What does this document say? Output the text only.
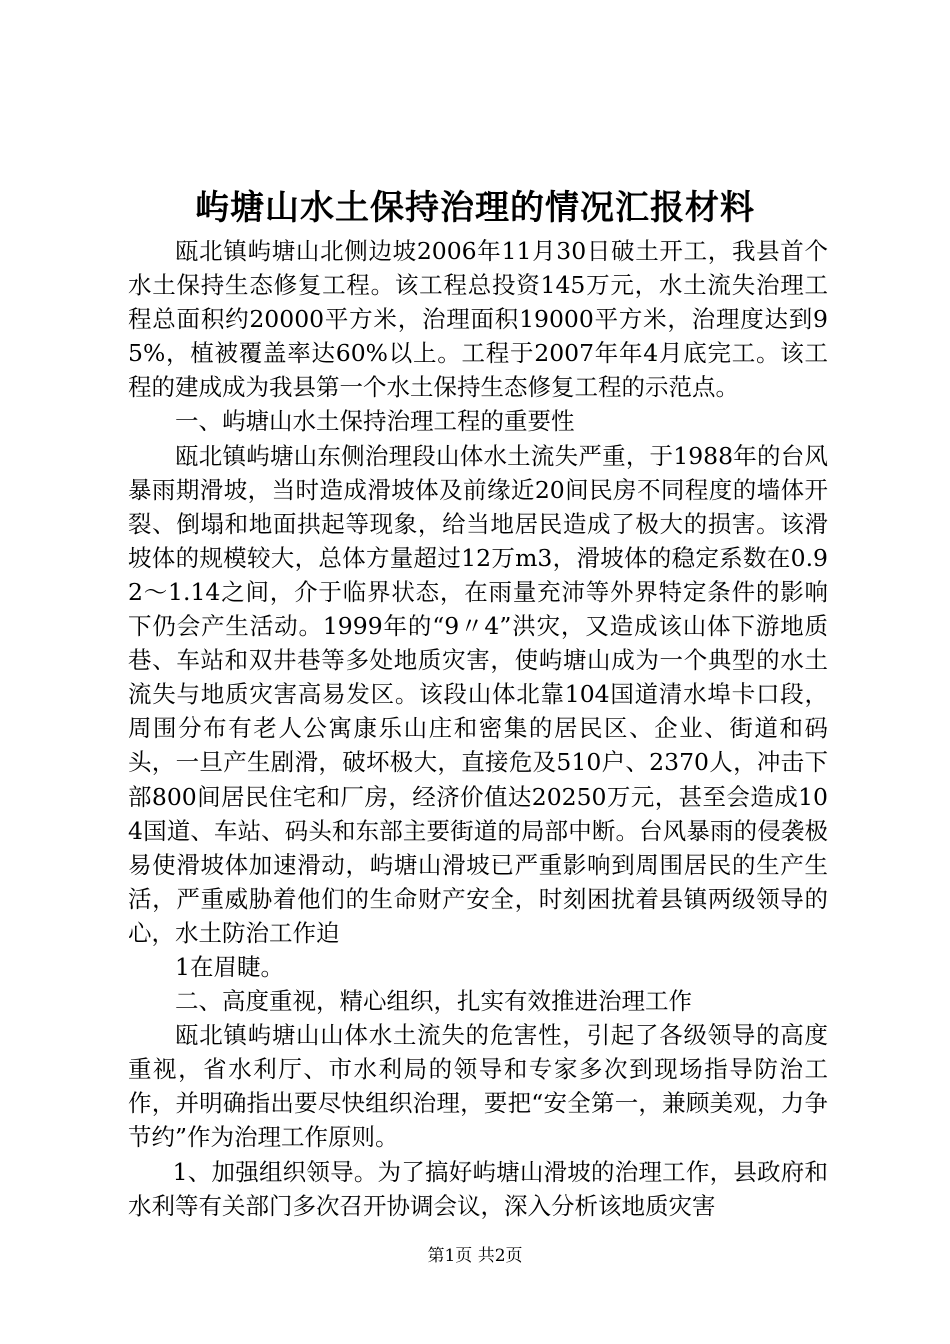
屿塘山水土保持治理的情况汇报材料

瓯北镇屿塘山北侧边坡2006年11月30日破土开工，我县首个水土保持生态修复工程。该工程总投资145万元，水土流失治理工程总面积约20000平方米，治理面积19000平方米，治理度达到95%，植被覆盖率达60%以上。工程于2007年年4月底完工。该工程的建成成为我县第一个水土保持生态修复工程的示范点。

一、屿塘山水土保持治理工程的重要性

瓯北镇屿塘山东侧治理段山体水土流失严重，于1988年的台风暴雨期滑坡，当时造成滑坡体及前缘近20间民房不同程度的墙体开裂、倒塌和地面拱起等现象，给当地居民造成了极大的损害。该滑坡体的规模较大，总体方量超过12万m3，滑坡体的稳定系数在0.92～1.14之间，介于临界状态，在雨量充沛等外界特定条件的影响下仍会产生活动。1999年的“9〃4”洪灾，又造成该山体下游地质巷、车站和双井巷等多处地质灾害，使屿塘山成为一个典型的水土流失与地质灾害高易发区。该段山体北靠104国道清水埠卡口段，周围分布有老人公寓康乐山庄和密集的居民区、企业、街道和码头，一旦产生剧滑，破坏极大，直接危及510户、2370人，冲击下部800间居民住宅和厂房，经济价值达20250万元，甚至会造成104国道、车站、码头和东部主要街道的局部中断。台风暴雨的侵袭极易使滑坡体加速滑动，屿塘山滑坡已严重影响到周围居民的生产生活，严重威胁着他们的生命财产安全，时刻困扰着县镇两级领导的心，水土防治工作迫

1在眉睫。

二、高度重视，精心组织，扎实有效推进治理工作

瓯北镇屿塘山山体水土流失的危害性，引起了各级领导的高度重视，省水利厅、市水利局的领导和专家多次到现场指导防治工作，并明确指出要尽快组织治理，要把“安全第一，兼顾美观，力争节约”作为治理工作原则。

1、加强组织领导。为了搞好屿塘山滑坡的治理工作，县政府和水利等有关部门多次召开协调会议，深入分析该地质灾害

第1页 共2页
